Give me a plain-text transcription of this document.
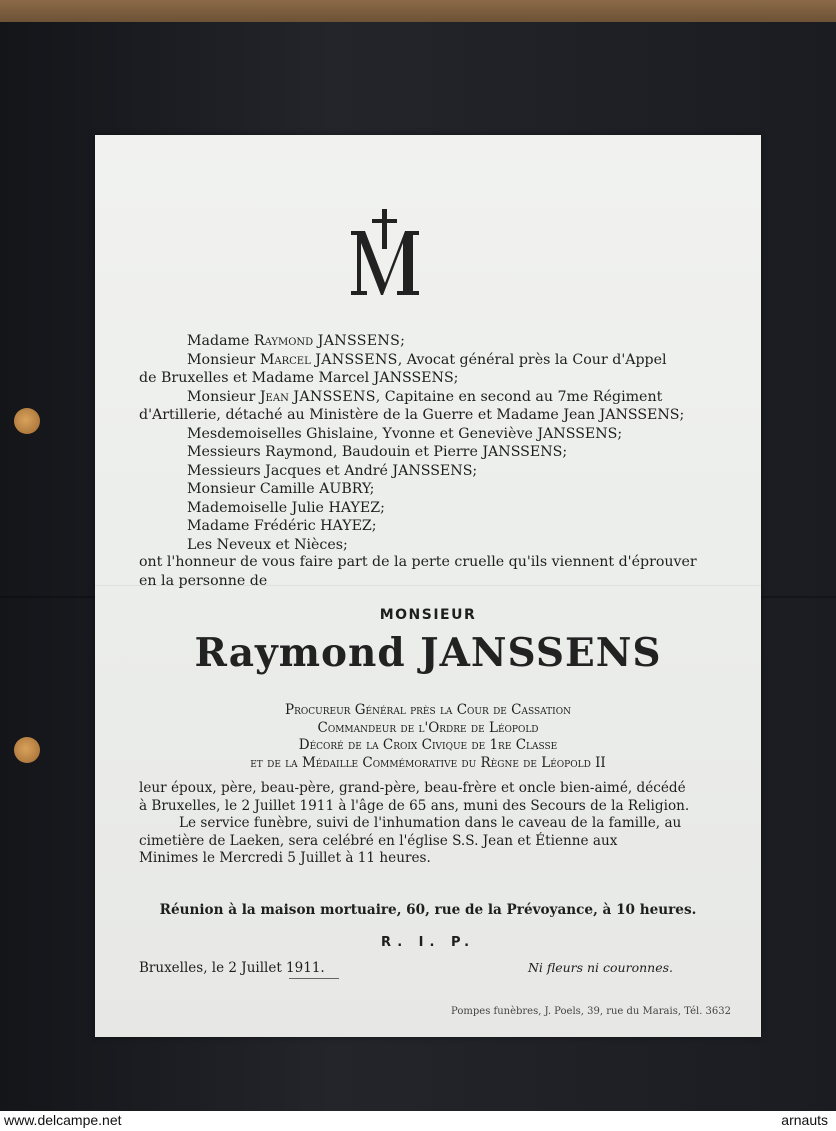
Madame Raymond JANSSENS;
Monsieur Marcel JANSSENS, Avocat général près la Cour d'Appel
de Bruxelles et Madame Marcel JANSSENS;
Monsieur Jean JANSSENS, Capitaine en second au 7me Régiment
d'Artillerie, détaché au Ministère de la Guerre et Madame Jean JANSSENS;
Mesdemoiselles Ghislaine, Yvonne et Geneviève JANSSENS;
Messieurs Raymond, Baudouin et Pierre JANSSENS;
Messieurs Jacques et André JANSSENS;
Monsieur Camille AUBRY;
Mademoiselle Julie HAYEZ;
Madame Frédéric HAYEZ;
Les Neveux et Nièces;
ont l'honneur de vous faire part de la perte cruelle qu'ils viennent d'éprouver
en la personne de
MONSIEUR
Raymond JANSSENS
Procureur Général près la Cour de Cassation
Commandeur de l'Ordre de Léopold
Décoré de la Croix Civique de 1re Classe
et de la Médaille Commémorative du Règne de Léopold II
leur époux, père, beau-père, grand-père, beau-frère et oncle bien-aimé, décédé
à Bruxelles, le 2 Juillet 1911 à l'âge de 65 ans, muni des Secours de la Religion.
Le service funèbre, suivi de l'inhumation dans le caveau de la famille, au
cimetière de Laeken, sera celébré en l'église S.S. Jean et Étienne aux
Minimes le Mercredi 5 Juillet à 11 heures.
Réunion à la maison mortuaire, 60, rue de la Prévoyance, à 10 heures.
R. I. P.
Bruxelles, le 2 Juillet 1911.	Ni fleurs ni couronnes.
Pompes funèbres, J. Poels, 39, rue du Marais, Tél. 3632
www.delcampe.net	arnauts
